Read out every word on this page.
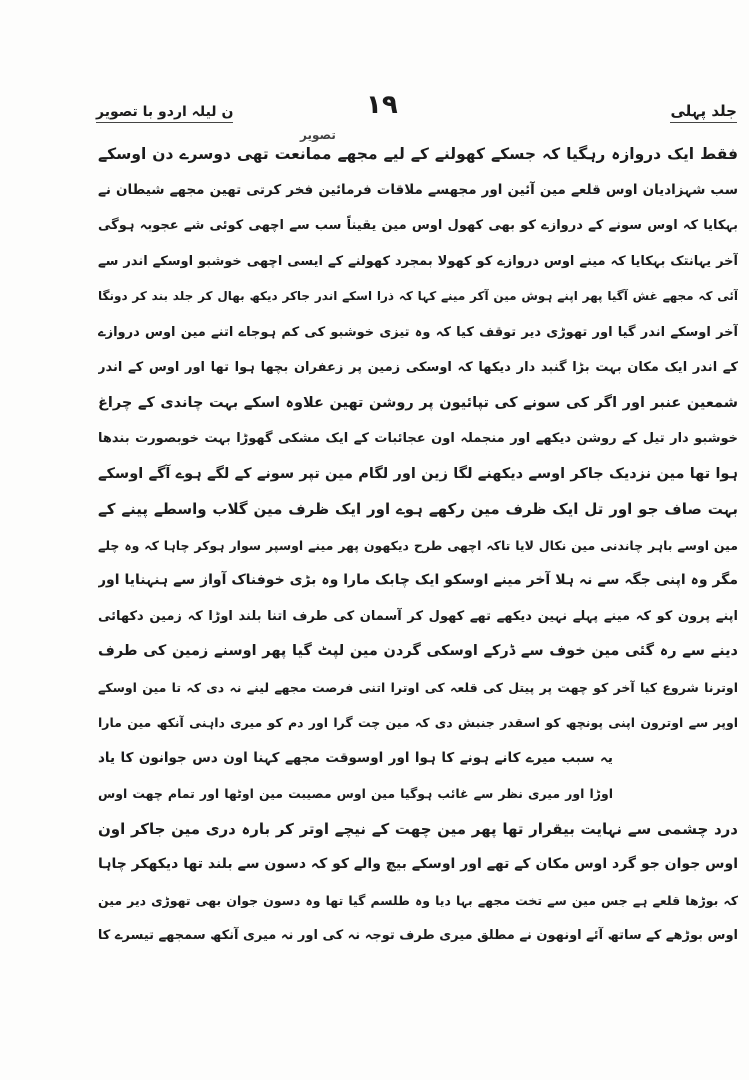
جلد پہلی
۱۹
ن لیلہ اردو با تصویر
تصویر
فقط ایک دروازہ رہگیا کہ جسکے کھولنے کے لیے مجھے ممانعت تھی دوسرے دن اوسکے
سب شہزادیان اوس قلعے مین آئین اور مجھسے ملاقات فرمائین فخر کرتی تھین مجھے شیطان نے
بہکایا کہ اوس سونے کے دروازے کو بھی کھول اوس مین یقیناً سب سے اچھی کوئی شے عجوبہ ہوگی
آخر یہانتک بہکایا کہ مینے اوس دروازے کو کھولا بمجرد کھولنے کے ایسی اچھی خوشبو اوسکے اندر سے
آئی کہ مجھے غش آگیا پھر اپنے ہوش مین آکر مینے کہا کہ ذرا اسکے اندر جاکر دیکھ بھال کر جلد بند کر دونگا
آخر اوسکے اندر گیا اور تھوڑی دیر توقف کیا کہ وہ تیزی خوشبو کی کم ہوجاے اتنے مین اوس دروازے
کے اندر ایک مکان بہت بڑا گنبد دار دیکھا کہ اوسکی زمین پر زعفران بچھا ہوا تھا اور اوس کے اندر
شمعین عنبر اور اگر کی سونے کی تپائیون پر روشن تھین علاوہ اسکے بہت چاندی کے چراغ
خوشبو دار تیل کے روشن دیکھے اور منجملہ اون عجائبات کے ایک مشکی گھوڑا بہت خوبصورت بندھا
ہوا تھا مین نزدیک جاکر اوسے دیکھنے لگا زین اور لگام مین تپر سونے کے لگے ہوے آگے اوسکے
بہت صاف جو اور تل ایک ظرف مین رکھے ہوے اور ایک ظرف مین گلاب واسطے پینے کے
مین اوسے باہر چاندنی مین نکال لایا تاکہ اچھی طرح دیکھون پھر مینے اوسپر سوار ہوکر چاہا کہ وہ چلے
مگر وہ اپنی جگہ سے نہ ہلا آخر مینے اوسکو ایک چابک مارا وہ بڑی خوفناک آواز سے ہنہنایا اور
اپنے پرون کو کہ مینے پہلے نہین دیکھے تھے کھول کر آسمان کی طرف اتنا بلند اوڑا کہ زمین دکھائی
دینے سے رہ گئی مین خوف سے ڈرکے اوسکی گردن مین لپٹ گیا پھر اوسنے زمین کی طرف
اوترنا شروع کیا آخر کو چھت پر پیتل کی قلعہ کی اوترا اتنی فرصت مجھے لینے نہ دی کہ تا مین اوسکے
اوپر سے اوترون اپنی پونچھ کو اسقدر جنبش دی کہ مین چت گرا اور دم کو میری داہنی آنکھ مین مارا
یہ سبب میرے کانے ہونے کا ہوا اور اوسوقت مجھے کہنا اون دس جوانون کا یاد
اوڑا اور میری نظر سے غائب ہوگیا مین اوس مصیبت مین اوٹھا اور تمام چھت اوس
درد چشمی سے نہایت بیقرار تھا پھر مین چھت کے نیچے اوتر کر بارہ دری مین جاکر اون
اوس جوان جو گرد اوس مکان کے تھے اور اوسکے بیچ والے کو کہ دسون سے بلند تھا دیکھکر چاہا
کہ بوڑھا قلعے ہے جس مین سے تخت مجھے بہا دیا وہ طلسم گیا تھا وہ دسون جوان بھی تھوڑی دیر مین
اوس بوڑھے کے ساتھ آئے اونھون نے مطلق میری طرف توجہ نہ کی اور نہ میری آنکھ سمجھے تیسرے کا
